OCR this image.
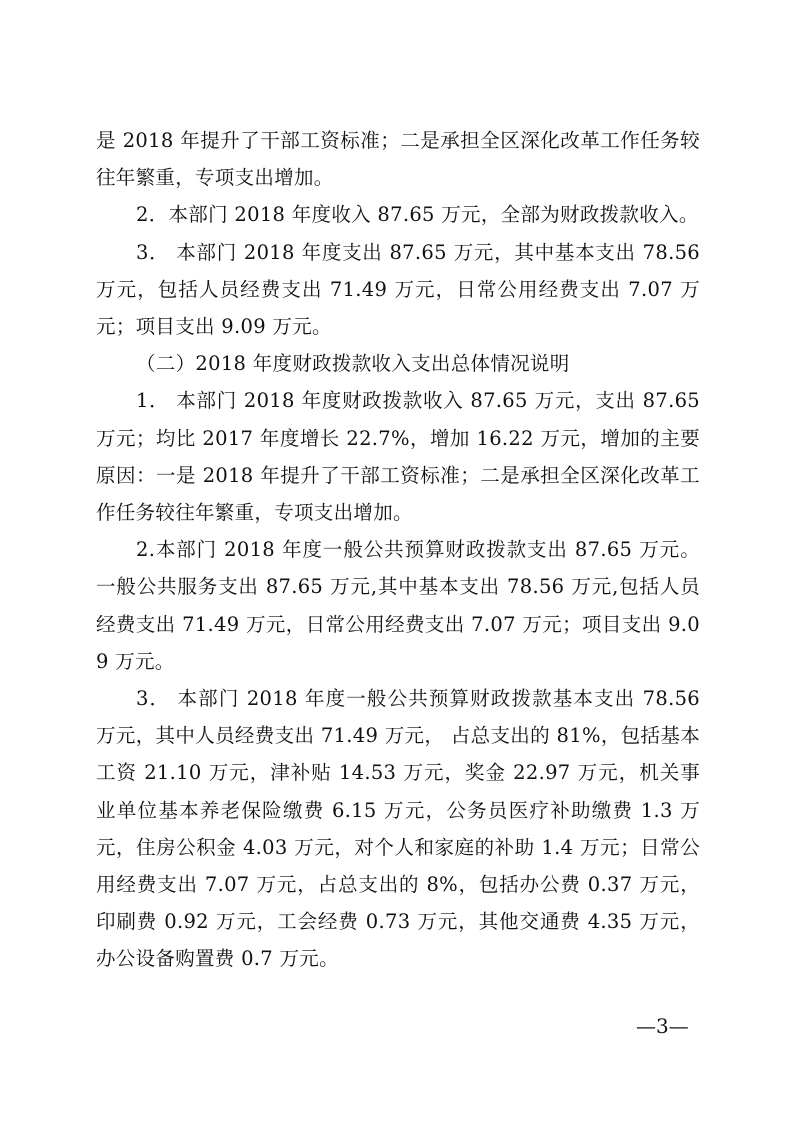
是 2018 年提升了干部工资标准；二是承担全区深化改革工作任务较往年繁重，专项支出增加。

2．本部门 2018 年度收入 87.65 万元，全部为财政拨款收入。

3． 本部门 2018 年度支出 87.65 万元，其中基本支出 78.56 万元，包括人员经费支出 71.49 万元，日常公用经费支出 7.07 万元；项目支出 9.09 万元。

（二）2018 年度财政拨款收入支出总体情况说明

1． 本部门 2018 年度财政拨款收入 87.65 万元，支出 87.65 万元；均比 2017 年度增长 22.7%，增加 16.22 万元，增加的主要原因：一是 2018 年提升了干部工资标准；二是承担全区深化改革工作任务较往年繁重，专项支出增加。

2.本部门 2018 年度一般公共预算财政拨款支出 87.65 万元。一般公共服务支出 87.65 万元,其中基本支出 78.56 万元,包括人员经费支出 71.49 万元，日常公用经费支出 7.07 万元；项目支出 9.09 万元。

3． 本部门 2018 年度一般公共预算财政拨款基本支出 78.56 万元，其中人员经费支出 71.49 万元， 占总支出的 81%，包括基本工资 21.10 万元，津补贴 14.53 万元，奖金 22.97 万元，机关事业单位基本养老保险缴费 6.15 万元，公务员医疗补助缴费 1.3 万元，住房公积金 4.03 万元，对个人和家庭的补助 1.4 万元；日常公用经费支出 7.07 万元，占总支出的 8%，包括办公费 0.37 万元，印刷费 0.92 万元，工会经费 0.73 万元，其他交通费 4.35 万元，办公设备购置费 0.7 万元。

—3—
